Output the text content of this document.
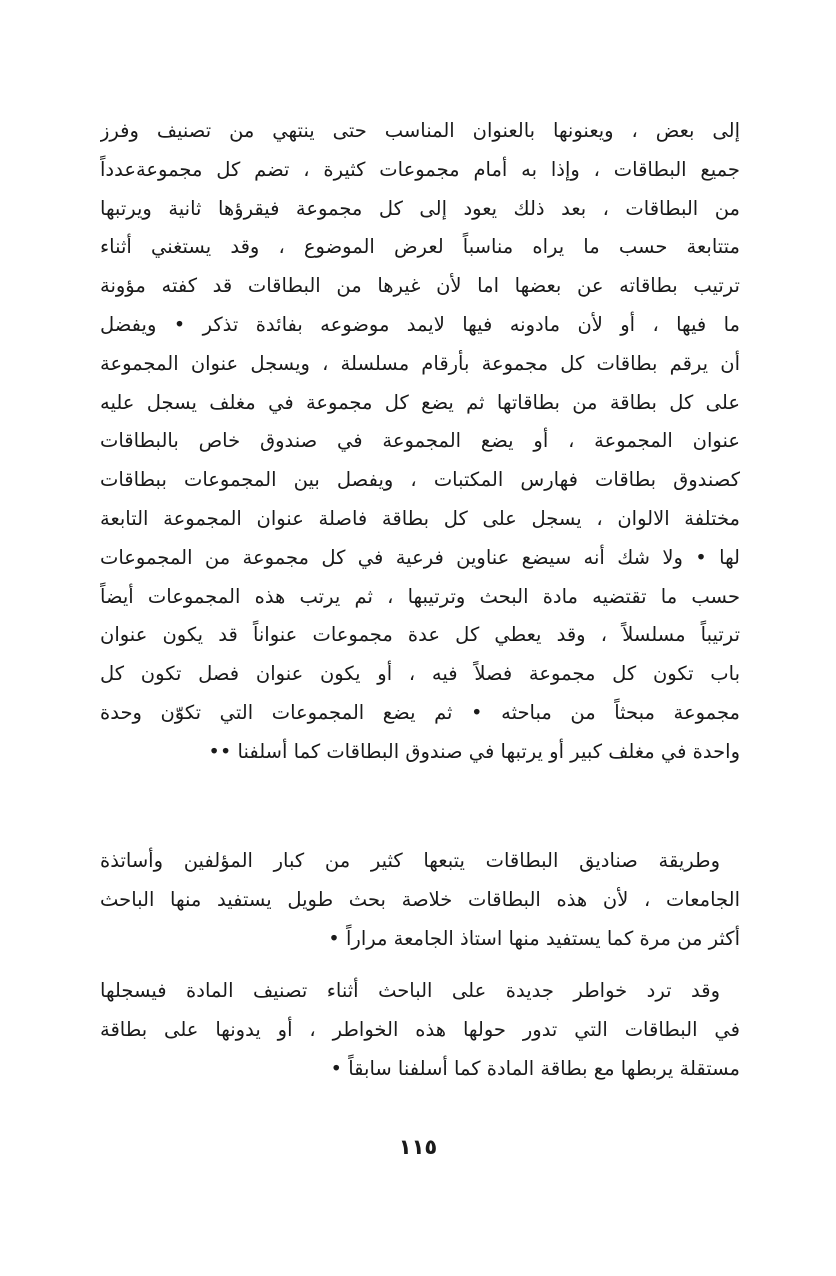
إلى بعض ، ويعنونها بالعنوان المناسب حتى ينتهي من تصنيف وفرز
جميع البطاقات ، وإذا به أمام مجموعات كثيرة ، تضم كل مجموعةعدداً
من البطاقات ، بعد ذلك يعود إلى كل مجموعة فيقرؤها ثانية ويرتبها
متتابعة حسب ما يراه مناسباً لعرض الموضوع ، وقد يستغني أثناء
ترتيب بطاقاته عن بعضها اما لأن غيرها من البطاقات قد كفته مؤونة
ما فيها ، أو لأن مادونه فيها لايمد موضوعه بفائدة تذكر • ويفضل
أن يرقم بطاقات كل مجموعة بأرقام مسلسلة ، ويسجل عنوان المجموعة
على كل بطاقة من بطاقاتها ثم يضع كل مجموعة في مغلف يسجل عليه
عنوان المجموعة ، أو يضع المجموعة في صندوق خاص بالبطاقات
كصندوق بطاقات فهارس المكتبات ، ويفصل بين المجموعات ببطاقات
مختلفة الالوان ، يسجل على كل بطاقة فاصلة عنوان المجموعة التابعة
لها • ولا شك أنه سيضع عناوين فرعية في كل مجموعة من المجموعات
حسب ما تقتضيه مادة البحث وترتيبها ، ثم يرتب هذه المجموعات أيضاً
ترتيباً مسلسلاً ، وقد يعطي كل عدة مجموعات عنواناً قد يكون عنوان
باب تكون كل مجموعة فصلاً فيه ، أو يكون عنوان فصل تكون كل
مجموعة مبحثاً من مباحثه • ثم يضع المجموعات التي تكوّن وحدة
واحدة في مغلف كبير أو يرتبها في صندوق البطاقات كما أسلفنا ••
وطريقة صناديق البطاقات يتبعها كثير من كبار المؤلفين وأساتذة
الجامعات ، لأن هذه البطاقات خلاصة بحث طويل يستفيد منها الباحث
أكثر من مرة كما يستفيد منها استاذ الجامعة مراراً •
وقد ترد خواطر جديدة على الباحث أثناء تصنيف المادة فيسجلها
في البطاقات التي تدور حولها هذه الخواطر ، أو يدونها على بطاقة
مستقلة يربطها مع بطاقة المادة كما أسلفنا سابقاً •
١١٥
